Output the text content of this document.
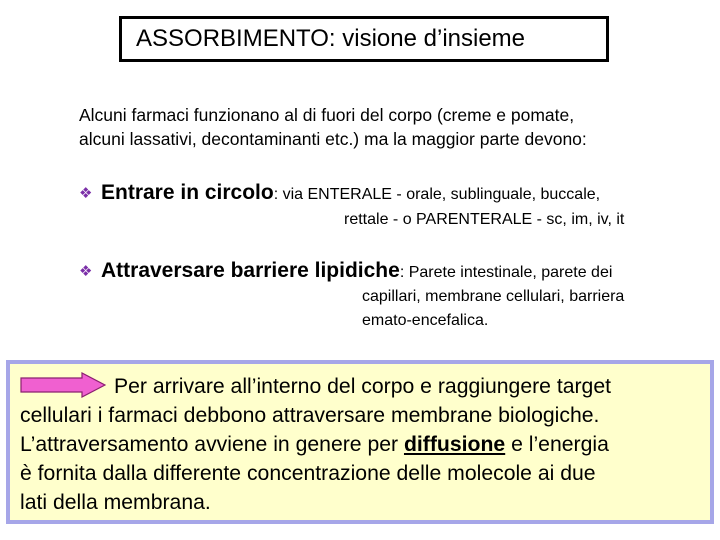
ASSORBIMENTO: visione d’insieme
Alcuni farmaci funzionano al di fuori del corpo (creme e pomate,
alcuni lassativi, decontaminanti etc.) ma la maggior parte devono:
❖ Entrare in circolo: via ENTERALE - orale, sublinguale, buccale,
rettale - o PARENTERALE - sc, im, iv, it
❖ Attraversare barriere lipidiche: Parete intestinale, parete dei
capillari, membrane cellulari, barriera
emato-encefalica.
Per arrivare all’interno del corpo e raggiungere target
cellulari i farmaci debbono attraversare membrane biologiche.
L’attraversamento avviene in genere per diffusione e l’energia
è fornita dalla differente concentrazione delle molecole ai due
lati della membrana.
